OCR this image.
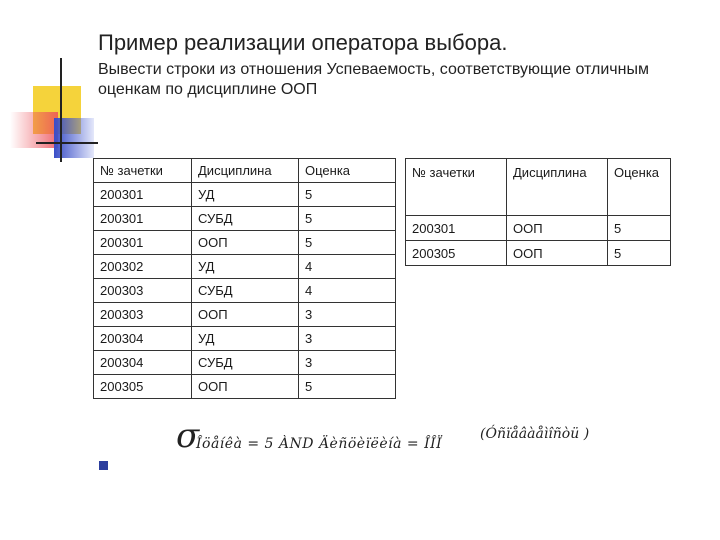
Пример реализации оператора выбора.
Вывести строки из отношения Успеваемость, соответствующие отличным оценкам по дисциплине ООП
№ зачетки	Дисциплина	Оценка
200301	УД	5
200301	СУБД	5
200301	ООП	5
200302	УД	4
200303	СУБД	4
200303	ООП	3
200304	УД	3
200304	СУБД	3
200305	ООП	5
№ зачетки	Дисциплина	Оценка
200301	ООП	5
200305	ООП	5
σ
Îöåíêà = 5 ÀND Äèñöèïëèíà = ÎÎÏ
(Óñïåâàåìîñòü )
